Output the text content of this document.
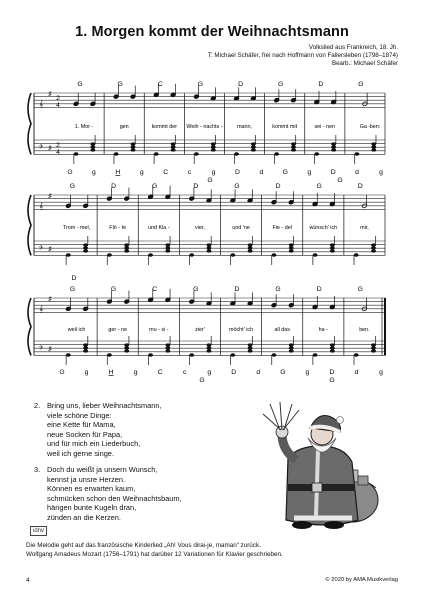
1. Morgen kommt der Weihnachtsmann
Volkslied aus Frankreich, 18. Jh.
T: Michael Schäfer, frei nach Hoffmann von Fallersleben (1798–1874)
Bearb.: Michael Schäfer
𝄞
𝄢
♯
♯
2
4
2
4
G
1. Mor -
G
gen
C
kommt der
G
Weih - nachts -
D
mann,
G
kommt mit
D
sei - nen
G
Ga - ben:
G	g	H	g	C	c	g	D	d	G	g	D	d	g
G	G
𝄞
𝄢
♯
♯
G
Trom - mel,
D
Flö - te
G
und Kla -
D
vier,
G
und 'ne
D
Fie - del
G
wünsch' ich
D
mir,
D
𝄞
𝄢
♯
♯
G
weil ich
G
ger - ne
C
mu - si -
G
zier'
D
möcht' ich
G
all das
D
ha -
G
ben.
G	g	H	g	C	c	g	D	d	G	g	D	d	g
G	G
2. Bring uns, lieber Weihnachtsmann,
viele schöne Dinge:
eine Kette für Mama,
neue Socken für Papa,
und für mich ein Liederbuch,
weil ich gerne singe.
3. Doch du weißt ja unsern Wunsch,
kennst ja unsre Herzen.
Können es erwarten kaum,
schmücken schon den Weihnachtsbaum,
hängen bunte Kugeln dran,
zünden an die Kerzen.
idnv
Die Melodie geht auf das französische Kinderlied „Ah! Vous dirai-je, maman“ zurück.
Wolfgang Amadeus Mozart (1756–1791) hat darüber 12 Variationen für Klavier geschrieben.
4	© 2020 by AMA Musikverlag
